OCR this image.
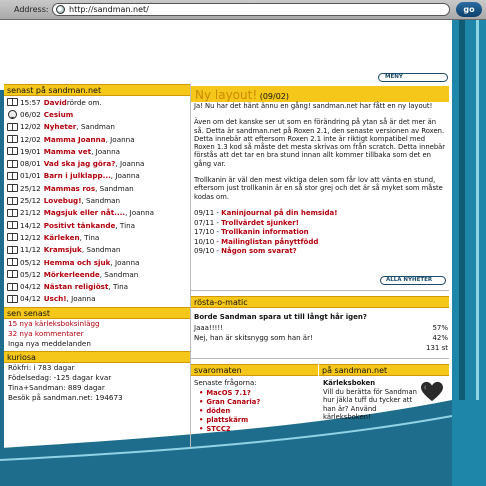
Address:	http://sandman.net/	go
MENY
senast på sandman.net
15:57 David rörde om.
06/02 Cesium
12/02 Nyheter , Sandman
12/02 Mamma Joanna , Joanna
19/01 Mamma vet , Joanna
08/01 Vad ska jag göra? , Joanna
01/01 Barn i julklapp... , Joanna
25/12 Mammas ros , Sandman
25/12 Lovebug! , Sandman
21/12 Magsjuk eller nåt.... , Joanna
14/12 Positivt tänkande , Tina
12/12 Kärleken , Tina
11/12 Kramsjuk , Sandman
05/12 Hemma och sjuk , Joanna
05/12 Mörkerleende , Sandman
04/12 Nästan religiöst , Tina
04/12 Usch! , Joanna
sen senast
15 nya kärleksboksinlägg
32 nya kommentarer
Inga nya meddelanden
kuriosa
Rökfri: i 783 dagar
Födelsedag: -125 dagar kvar
Tina+Sandman: 889 dagar
Besök på sandman.net: 194673
Ny layout! (09/02)

Ja! Nu har det hänt ännu en gång! sandman.net har fått en ny layout!

Även om det kanske ser ut som en förändring på ytan så är det mer än så. Detta är sandman.net på Roxen 2.1, den senaste versionen av Roxen. Detta innebär att eftersom Roxen 2.1 inte är riktigt kompatibel med Roxen 1.3 kod så måste det mesta skrivas om från scratch. Detta innebär förstås att det tar en bra stund innan allt kommer tillbaka som det en gång var.

Trollkanin är väl den mest viktiga delen som får lov att vänta en stund, eftersom just trollkanin är en så stor grej och det är så myket som måste kodas om.

09/11 - Kaninjournal på din hemsida!
07/11 - Trollvärdet sjunker!
17/10 - Trollkanin information
10/10 - Mailinglistan pånyttfödd
09/10 - Någon som svarat?
ALLA NYHETER
rösta-o-matic
Borde Sandman spara ut till långt hår igen?
Jaaa!!!!!	57%
Nej, han är skitsnygg som han är!	42%
131 st
svaromaten	på sandman.net
Senaste frågorna:
• MacOS 7.1?
• Gran Canaria?
• döden
• plattskärm
• STCC2
Kärleksboken
Vill du berätta för Sandman hur jäkla tuff du tycker att han är? Använd kärleksboken!
